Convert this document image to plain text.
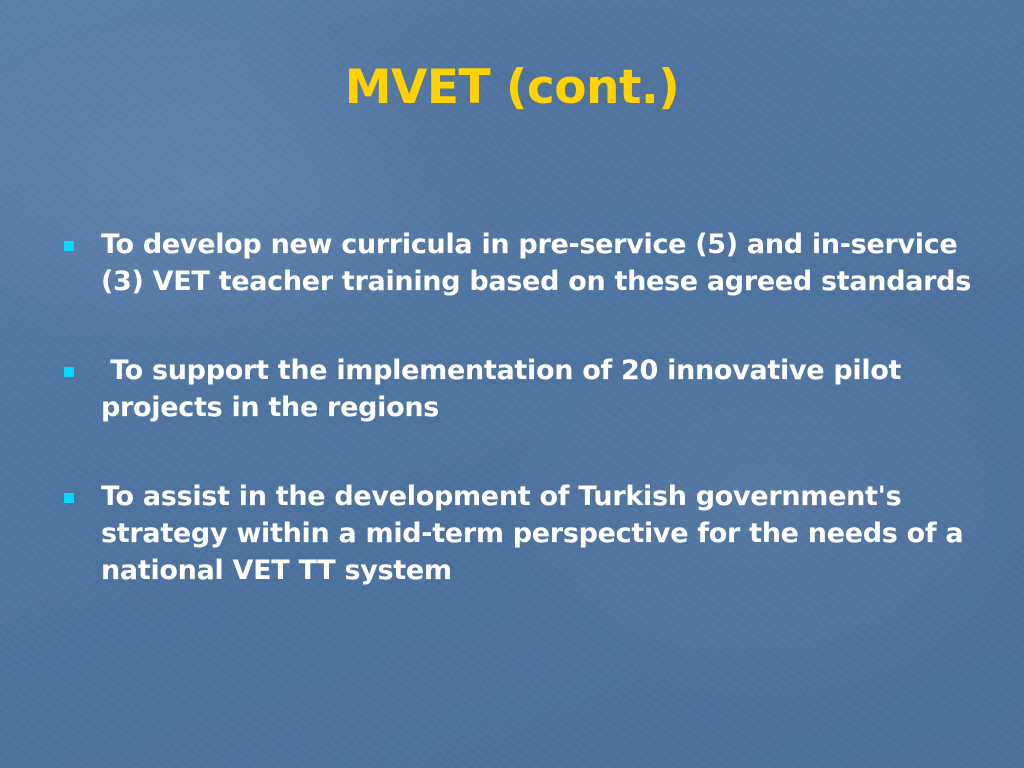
MVET (cont.)
To develop new curricula in pre-service (5) and in-service (3) VET teacher training based on these agreed standards
To support the implementation of 20 innovative pilot projects in the regions
To assist in the development of Turkish government's strategy within a mid-term perspective for the needs of a national VET TT system
